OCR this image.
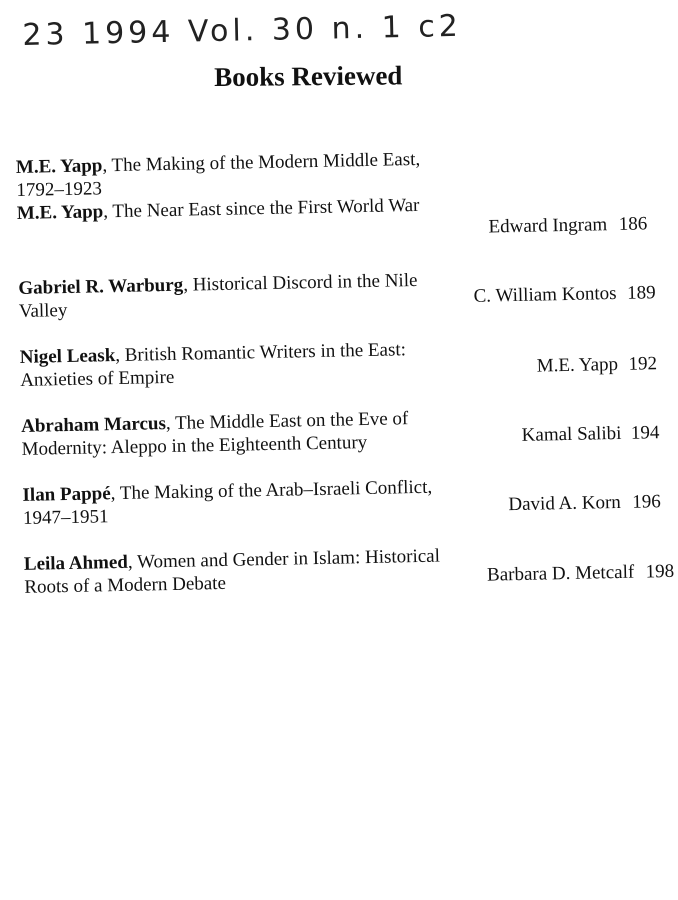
23 1994 Vol. 30 n. 1 c2
Books Reviewed
M.E. Yapp, The Making of the Modern Middle East, 1792–1923
M.E. Yapp, The Near East since the First World War
Edward Ingram 186
Gabriel R. Warburg, Historical Discord in the Nile Valley
C. William Kontos 189
Nigel Leask, British Romantic Writers in the East: Anxieties of Empire
M.E. Yapp 192
Abraham Marcus, The Middle East on the Eve of Modernity: Aleppo in the Eighteenth Century	Kamal Salibi 194
Ilan Pappé, The Making of the Arab–Israeli Conflict, 1947–1951
David A. Korn 196
Leila Ahmed, Women and Gender in Islam: Historical Roots of a Modern Debate	Barbara D. Metcalf 198
